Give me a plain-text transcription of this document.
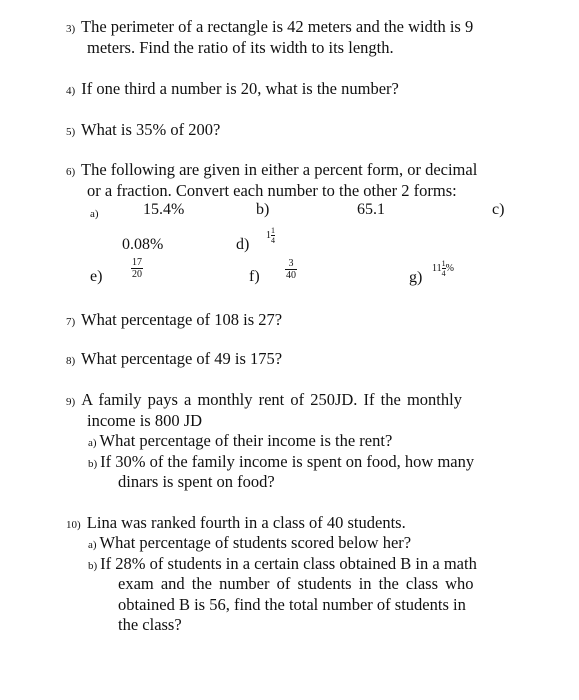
3) The perimeter of a rectangle is 42 meters and the width is 9
meters. Find the ratio of its width to its length.
4) If one third a number is 20, what is the number?
5) What is 35% of 200?
6) The following are given in either a percent form, or decimal
or a fraction. Convert each number to the other 2 forms:
a)	15.4%	b)	65.1	c)
0.08%	d)
$1 \frac{1}{4}$
e)	$\frac{17}{20}$	f)	$\frac{3}{40}$	g)
$11 \frac{1}{4}$ %
7) What percentage of 108 is 27?
8) What percentage of 49 is 175?
9) A family pays a monthly rent of 250JD. If the monthly
income is 800 JD
a) What percentage of their income is the rent?
b) If 30% of the family income is spent on food, how many
dinars is spent on food?
10) Lina was ranked fourth in a class of 40 students.
a) What percentage of students scored below her?
b) If 28% of students in a certain class obtained B in a math
exam and the number of students in the class who
obtained B is 56, find the total number of students in
the class?
